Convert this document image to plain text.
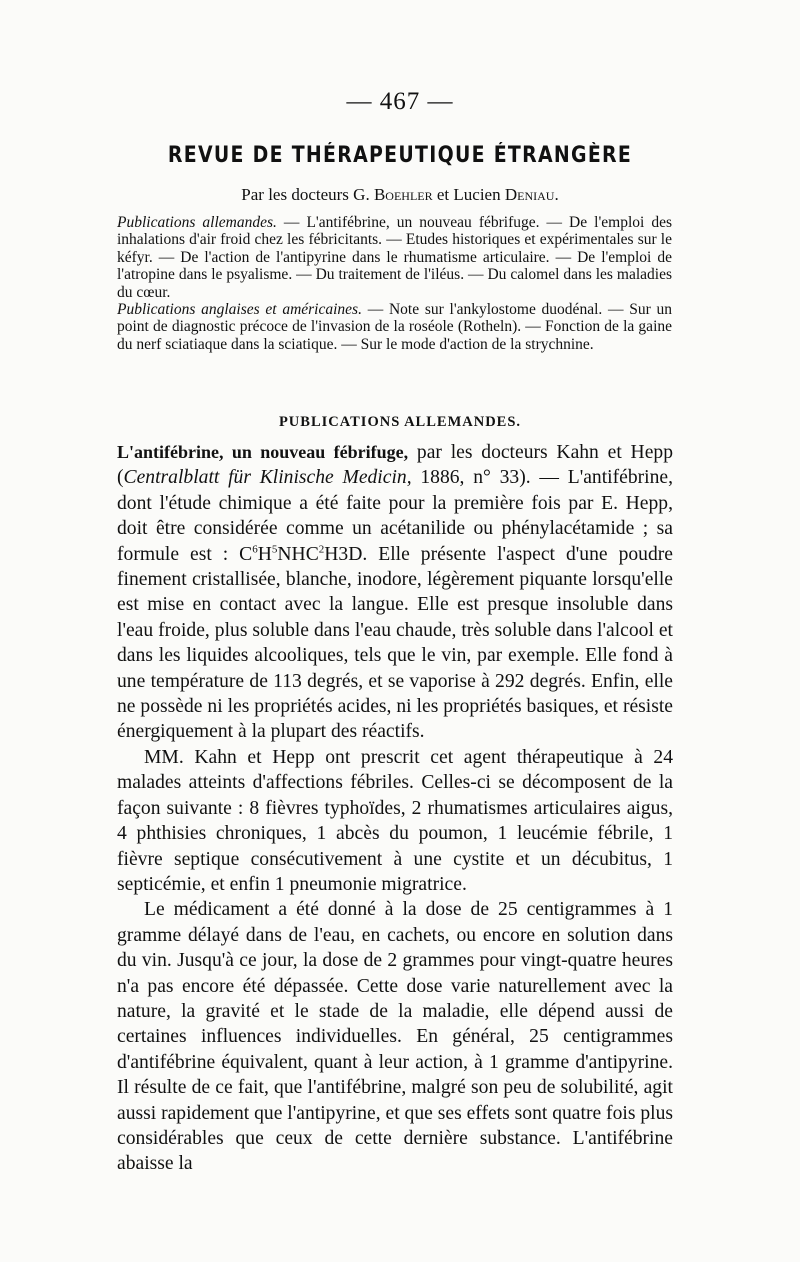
— 467 —
REVUE DE THÉRAPEUTIQUE ÉTRANGÈRE
Par les docteurs G. Boehler et Lucien Deniau.

Publications allemandes. — L'antifébrine, un nouveau fébrifuge. — De l'emploi des inhalations d'air froid chez les fébricitants. — Etudes historiques et expérimentales sur le kéfyr. — De l'action de l'antipyrine dans le rhumatisme articulaire. — De l'emploi de l'atropine dans le psyalisme. — Du traitement de l'iléus. — Du calomel dans les maladies du cœur.

Publications anglaises et américaines. — Note sur l'ankylostome duodénal. — Sur un point de diagnostic précoce de l'invasion de la roséole (Rotheln). — Fonction de la gaine du nerf sciatiaque dans la sciatique. — Sur le mode d'action de la strychnine.

PUBLICATIONS ALLEMANDES.

L'antifébrine, un nouveau fébrifuge, par les docteurs Kahn et Hepp (Centralblatt für Klinische Medicin, 1886, n° 33). — L'antifébrine, dont l'étude chimique a été faite pour la première fois par E. Hepp, doit être considérée comme un acétanilide ou phénylacétamide ; sa formule est : $C^6H^5NHC^2H3D$. Elle présente l'aspect d'une poudre finement cristallisée, blanche, inodore, légèrement piquante lorsqu'elle est mise en contact avec la langue. Elle est presque insoluble dans l'eau froide, plus soluble dans l'eau chaude, très soluble dans l'alcool et dans les liquides alcooliques, tels que le vin, par exemple. Elle fond à une température de 113 degrés, et se vaporise à 292 degrés. Enfin, elle ne possède ni les propriétés acides, ni les propriétés basiques, et résiste énergiquement à la plupart des réactifs.

MM. Kahn et Hepp ont prescrit cet agent thérapeutique à 24 malades atteints d'affections fébriles. Celles-ci se décomposent de la façon suivante : 8 fièvres typhoïdes, 2 rhumatismes articulaires aigus, 4 phthisies chroniques, 1 abcès du poumon, 1 leucémie fébrile, 1 fièvre septique consécutivement à une cystite et un décubitus, 1 septicémie, et enfin 1 pneumonie migratrice.

Le médicament a été donné à la dose de 25 centigrammes à 1 gramme délayé dans de l'eau, en cachets, ou encore en solution dans du vin. Jusqu'à ce jour, la dose de 2 grammes pour vingt-quatre heures n'a pas encore été dépassée. Cette dose varie naturellement avec la nature, la gravité et le stade de la maladie, elle dépend aussi de certaines influences individuelles. En général, 25 centigrammes d'antifébrine équivalent, quant à leur action, à 1 gramme d'antipyrine. Il résulte de ce fait, que l'antifébrine, malgré son peu de solubilité, agit aussi rapidement que l'antipyrine, et que ses effets sont quatre fois plus considérables que ceux de cette dernière substance. L'antifébrine abaisse la
